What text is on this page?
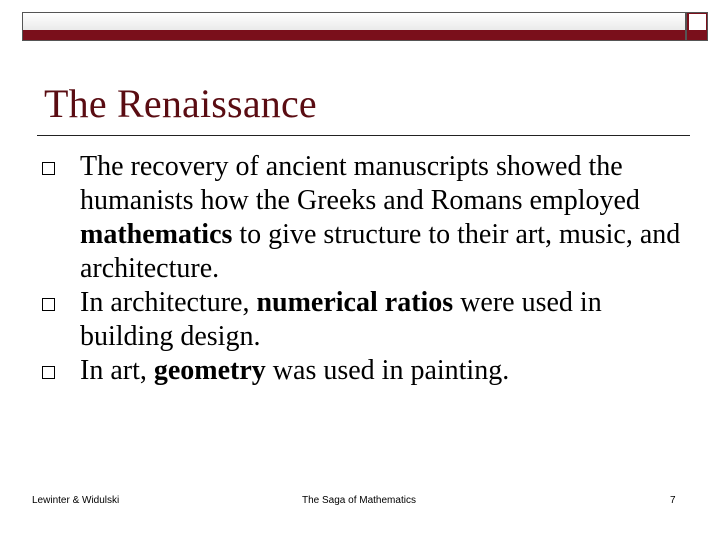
The Renaissance
The recovery of ancient manuscripts showed the humanists how the Greeks and Romans employed mathematics to give structure to their art, music, and architecture.
In architecture, numerical ratios were used in building design.
In art, geometry was used in painting.
Lewinter & Widulski	The Saga of Mathematics	7
